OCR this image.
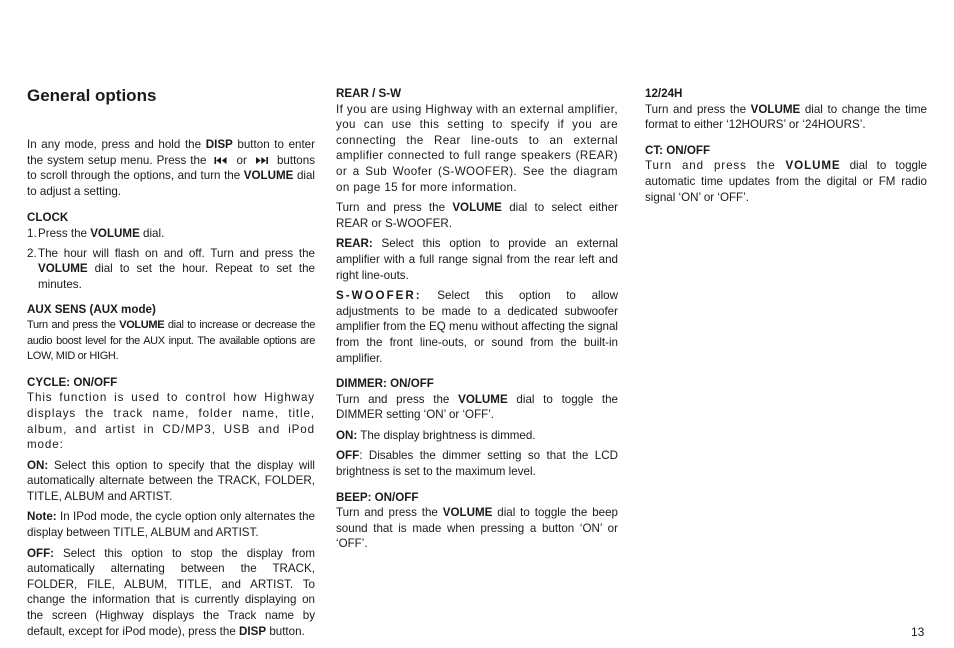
General options

In any mode, press and hold the DISP button to enter the system setup menu. Press the
or
buttons to scroll through the options, and turn the VOLUME dial to adjust a setting.

CLOCK
1. Press the VOLUME dial.
2. The hour will flash on and off. Turn and press the VOLUME dial to set the hour. Repeat to set the minutes.
AUX SENS (AUX mode)

Turn and press the VOLUME dial to increase or decrease the audio boost level for the AUX input. The available options are LOW, MID or HIGH.

CYCLE: ON/OFF

This function is used to control how Highway displays the track name, folder name, title, album, and artist in CD/MP3, USB and iPod mode:

ON: Select this option to specify that the display will automatically alternate between the TRACK, FOLDER, TITLE, ALBUM and ARTIST.

Note: In IPod mode, the cycle option only alternates the display between TITLE, ALBUM and ARTIST.

OFF: Select this option to stop the display from automatically alternating between the TRACK, FOLDER, FILE, ALBUM, TITLE, and ARTIST. To change the information that is currently displaying on the screen (Highway displays the Track name by default, except for iPod mode), press the DISP button.

REAR / S-W

If you are using Highway with an external amplifier, you can use this setting to specify if you are connecting the Rear line-outs to an external amplifier connected to full range speakers (REAR) or a Sub Woofer (S-WOOFER). See the diagram on page 15 for more information.

Turn and press the VOLUME dial to select either REAR or S-WOOFER.

REAR: Select this option to provide an external amplifier with a full range signal from the rear left and right line-outs.

S-WOOFER: Select this option to allow adjustments to be made to a dedicated subwoofer amplifier from the EQ menu without affecting the signal from the front line-outs, or sound from the built-in amplifier.

DIMMER: ON/OFF

Turn and press the VOLUME dial to toggle the DIMMER setting ‘ON’ or ‘OFF’.

ON: The display brightness is dimmed.

OFF: Disables the dimmer setting so that the LCD brightness is set to the maximum level.

BEEP: ON/OFF

Turn and press the VOLUME dial to toggle the beep sound that is made when pressing a button ‘ON’ or ‘OFF’.

12/24H

Turn and press the VOLUME dial to change the time format to either ‘12HOURS’ or ‘24HOURS’.

CT: ON/OFF

Turn and press the VOLUME dial to toggle automatic time updates from the digital or FM radio signal ‘ON’ or ‘OFF’.

13
